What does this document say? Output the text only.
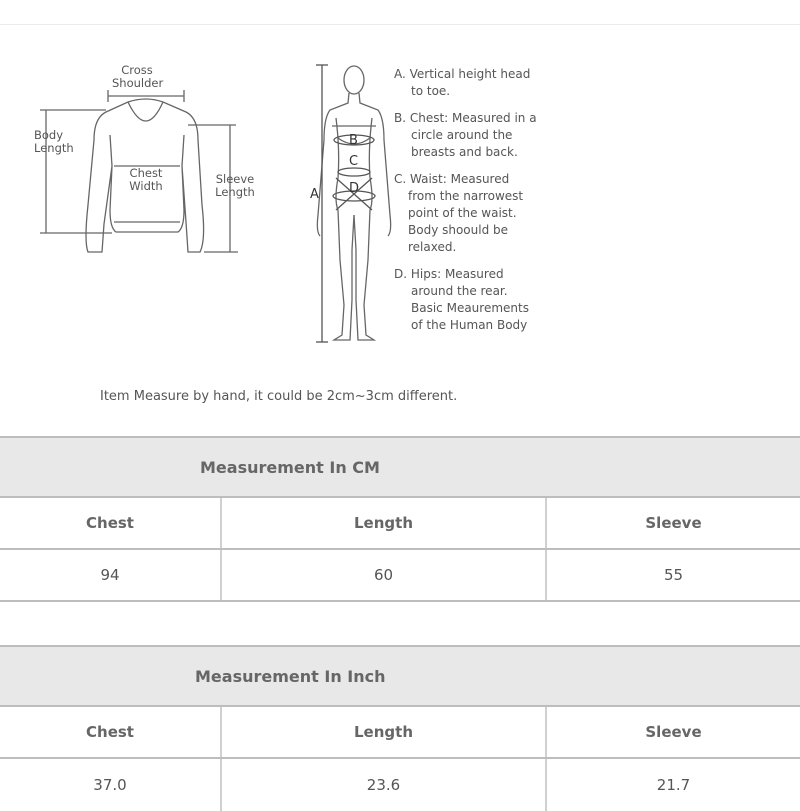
Cross
Shoulder
Body
Length
Chest
Width	Sleeve
Length	A
B
C
D
A. Vertical height head
to toe.
B. Chest: Measured in a
circle around the
breasts and back.
C. Waist: Measured
from the narrowest
point of the waist.
Body shoould be
relaxed.
D. Hips: Measured
around the rear.
Basic Meaurements
of the Human Body
Item Measure by hand, it could be 2cm~3cm different.
Measurement In CM
Chest	Length	Sleeve
94	60	55
Measurement In Inch
Chest	Length	Sleeve
37.0	23.6	21.7
